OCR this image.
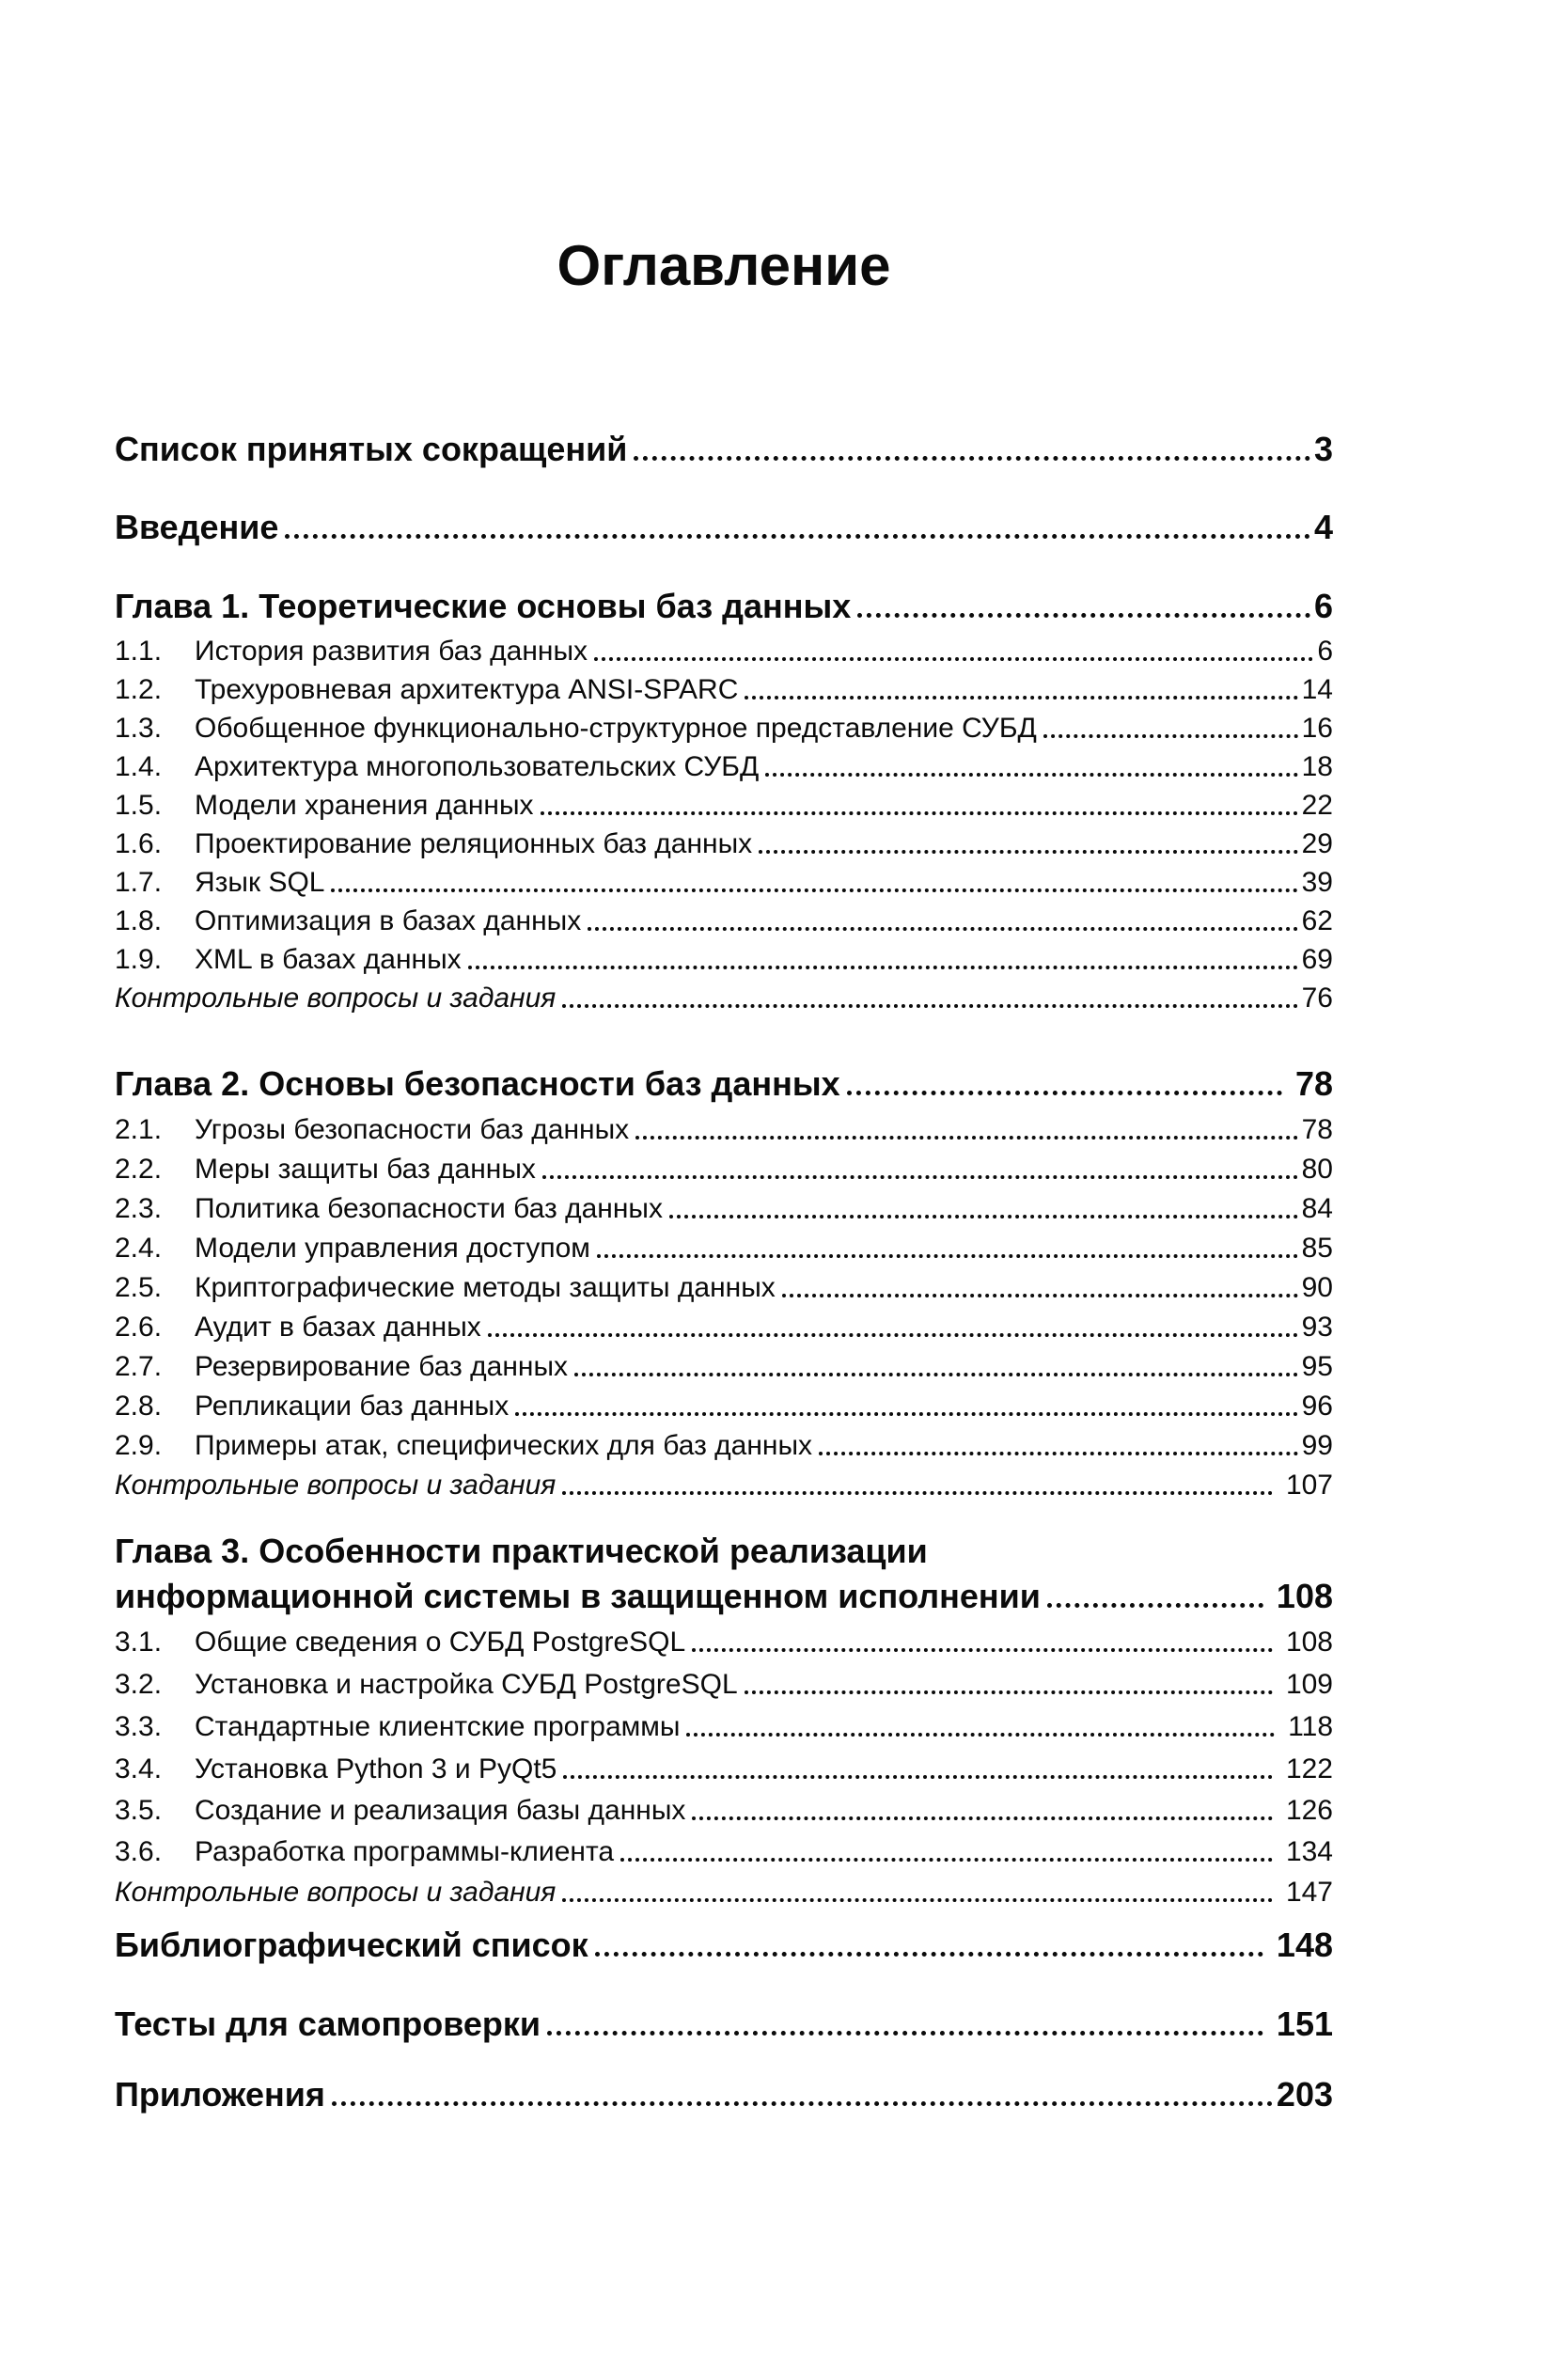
Оглавление
Список принятых сокращений	3
Введение	4
Глава 1. Теоретические основы баз данных	6
1.1.	История развития баз данных	6
1.2.	Трехуровневая архитектура ANSI-SPARC	14
1.3.	Обобщенное функционально-структурное представление СУБД	16
1.4.	Архитектура многопользовательских СУБД	18
1.5.	Модели хранения данных	22
1.6.	Проектирование реляционных баз данных	29
1.7.	Язык SQL	39
1.8.	Оптимизация в базах данных	62
1.9.	XML в базах данных	69
Контрольные вопросы и задания	76
Глава 2. Основы безопасности баз данных	78
2.1.	Угрозы безопасности баз данных	78
2.2.	Меры защиты баз данных	80
2.3.	Политика безопасности баз данных	84
2.4.	Модели управления доступом	85
2.5.	Криптографические методы защиты данных	90
2.6.	Аудит в базах данных	93
2.7.	Резервирование баз данных	95
2.8.	Репликации баз данных	96
2.9.	Примеры атак, специфических для баз данных	99
Контрольные вопросы и задания	107
Глава 3. Особенности практической реализации
информационной системы в защищенном исполнении	108
3.1.	Общие сведения о СУБД PostgreSQL	108
3.2.	Установка и настройка СУБД PostgreSQL	109
3.3.	Стандартные клиентские программы	118
3.4.	Установка Python 3 и PyQt5	122
3.5.	Создание и реализация базы данных	126
3.6.	Разработка программы-клиента	134
Контрольные вопросы и задания	147
Библиографический список	148
Тесты для самопроверки	151
Приложения	203
